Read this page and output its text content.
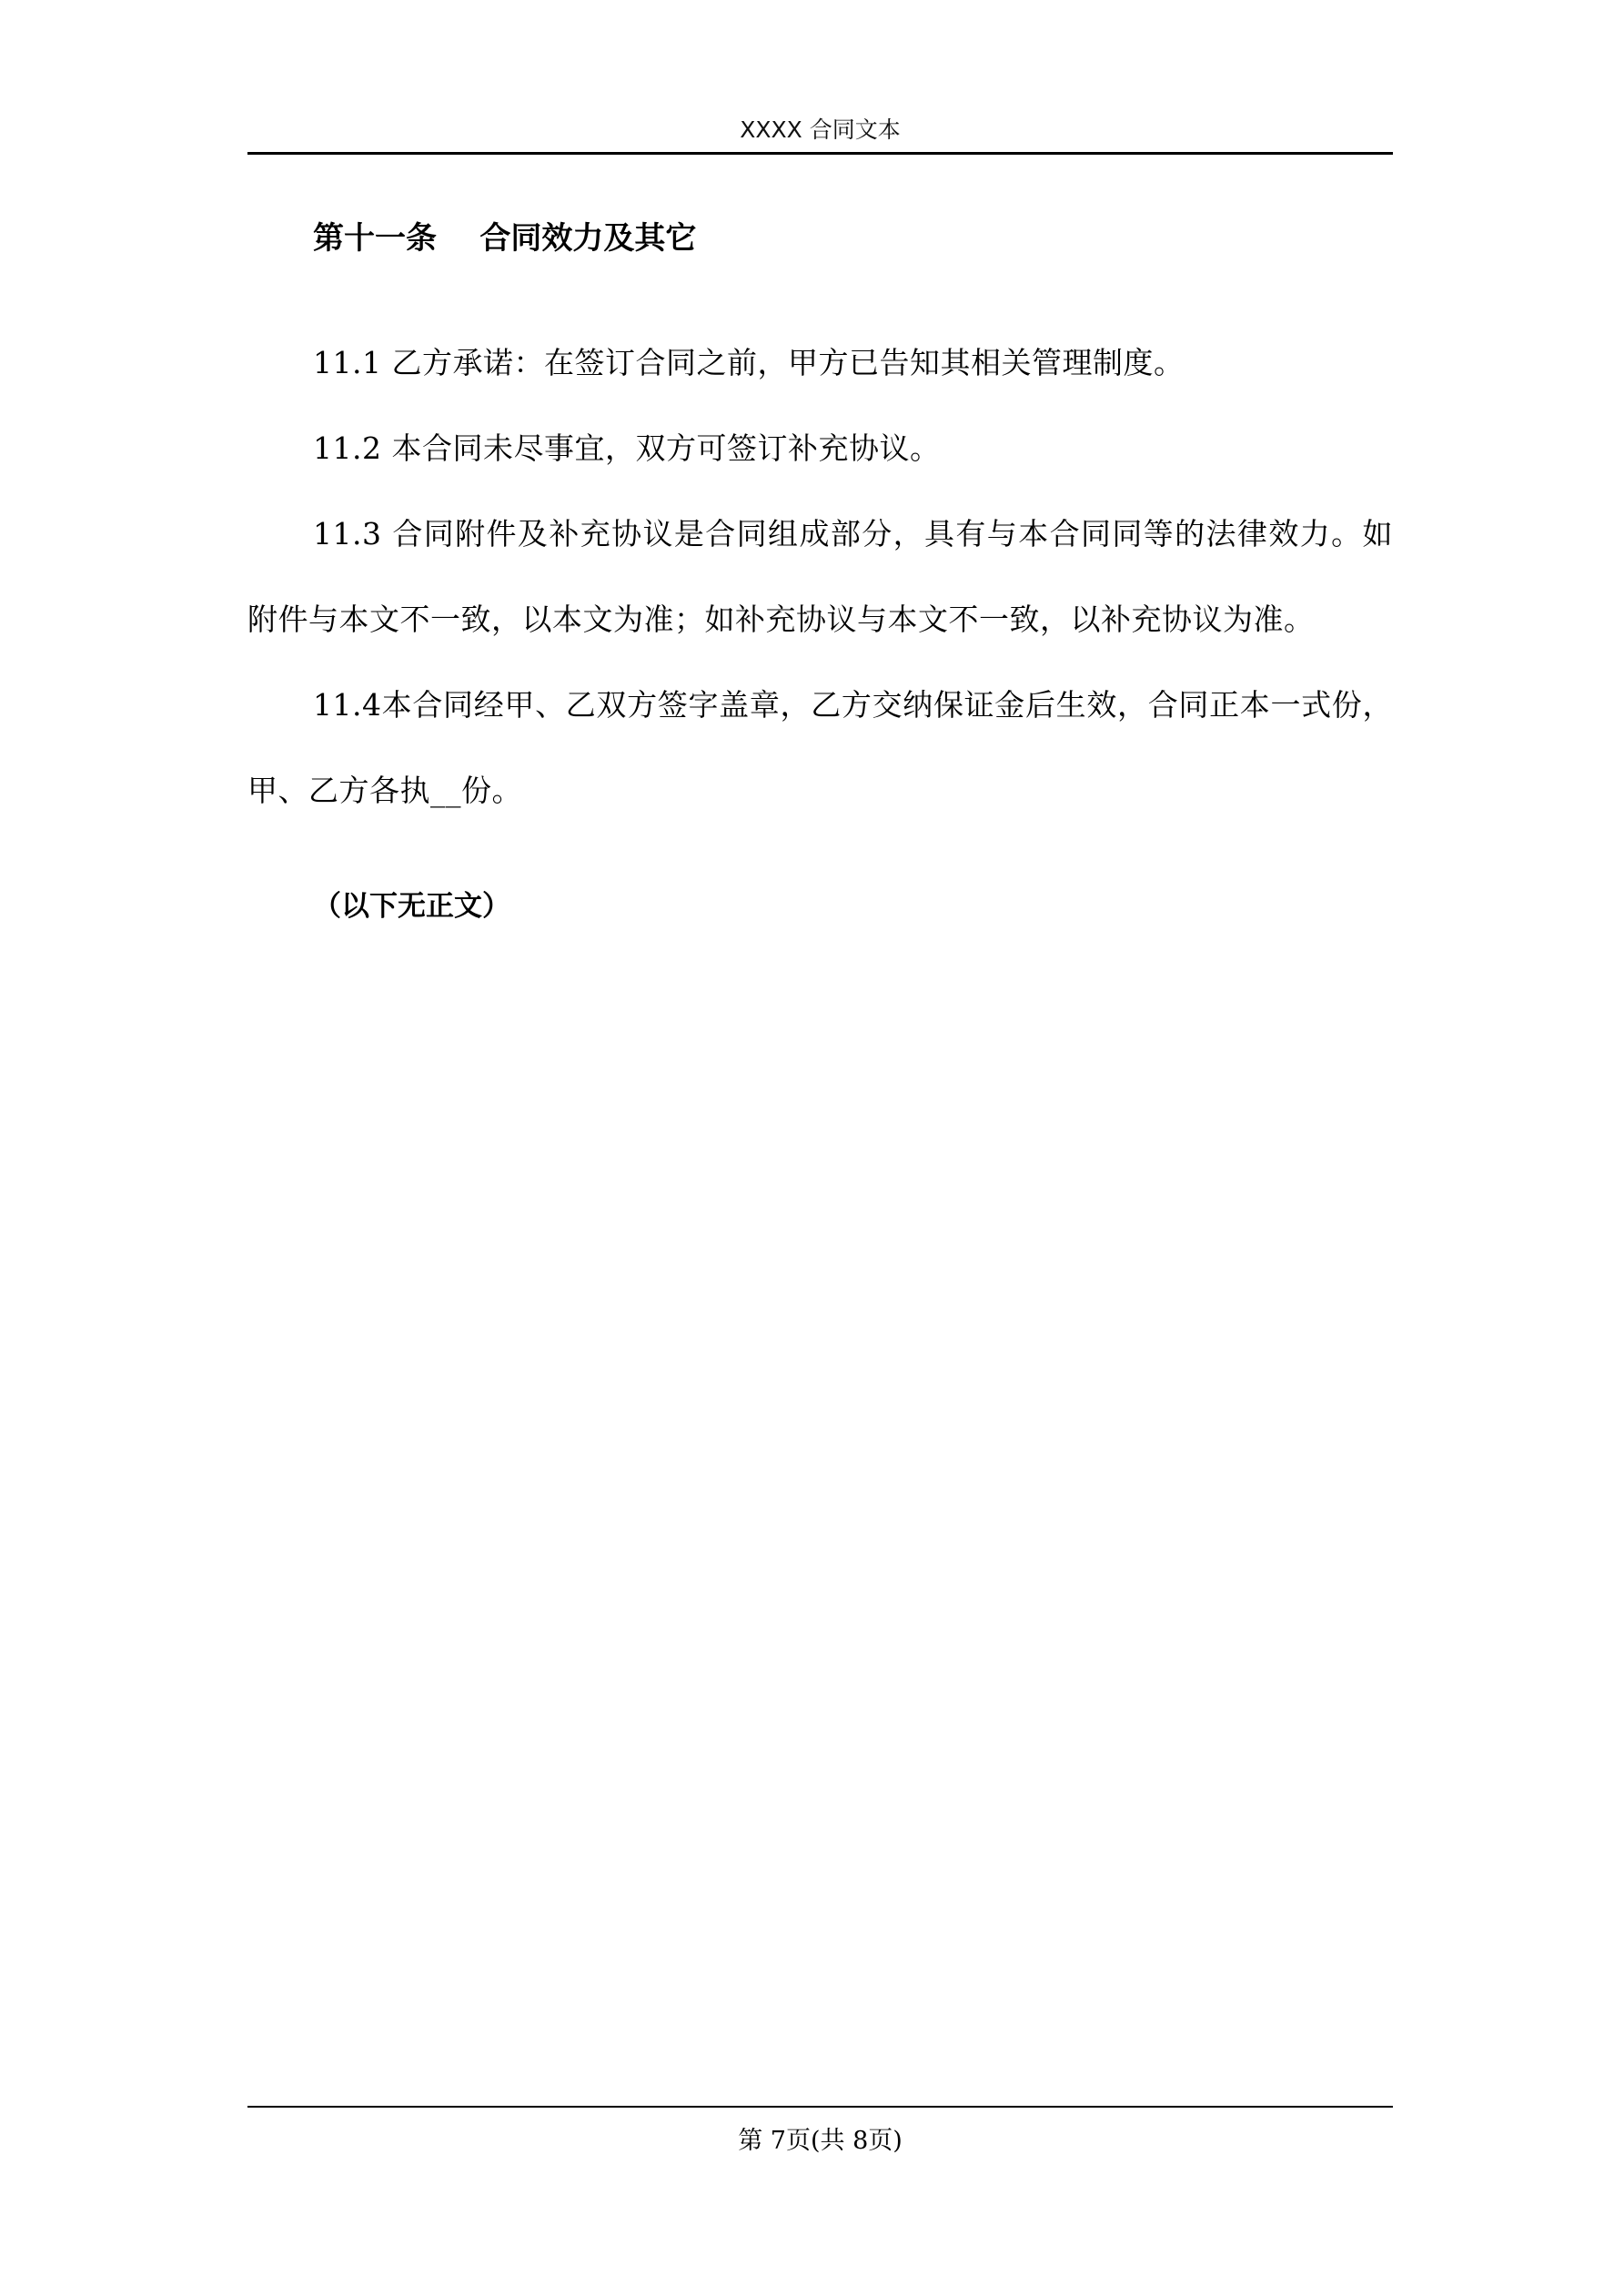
XXXX 合同文本
第十一条    合同效力及其它

11.1 乙方承诺：在签订合同之前，甲方已告知其相关管理制度。

11.2 本合同未尽事宜，双方可签订补充协议。

11.3 合同附件及补充协议是合同组成部分，具有与本合同同等的法律效力。如附件与本文不一致，以本文为准；如补充协议与本文不一致，以补充协议为准。

11.4本合同经甲、乙双方签字盖章，乙方交纳保证金后生效，合同正本一式份，甲、乙方各执__份。

（以下无正文）
第 7页(共 8页)
